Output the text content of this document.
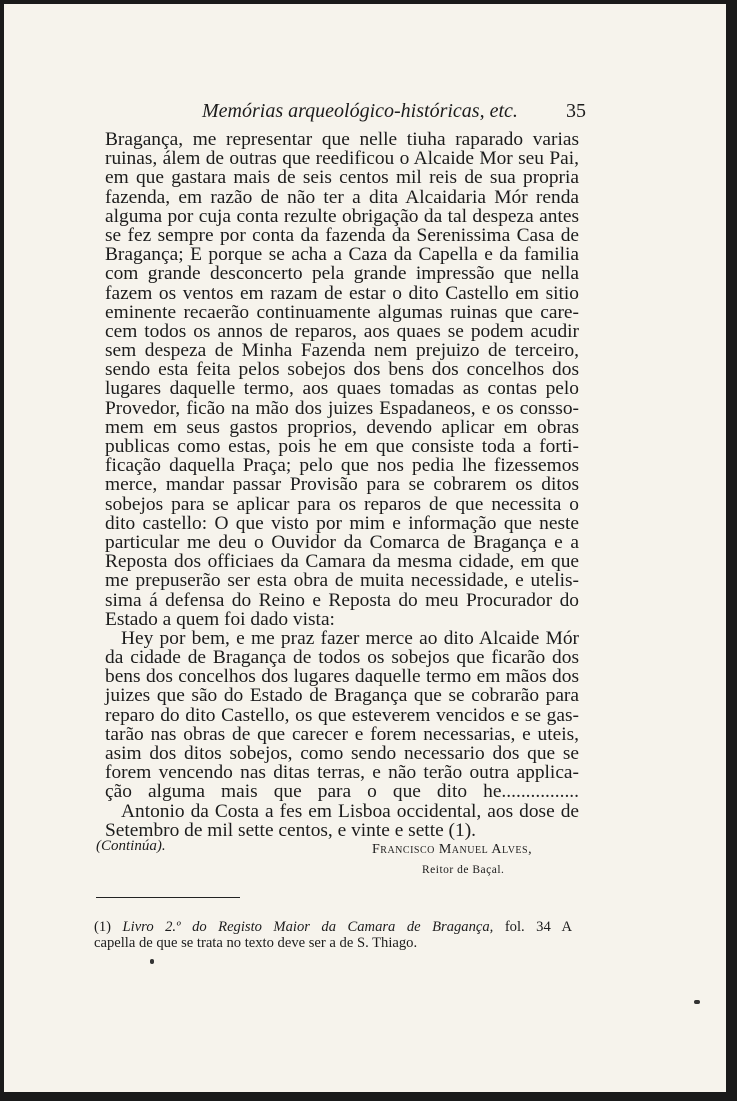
Memórias arqueológico-históricas, etc. 35
Bragança, me representar que nelle tiuha raparado varias
ruinas, álem de outras que reedificou o Alcaide Mor seu Pai,
em que gastara mais de seis centos mil reis de sua propria
fazenda, em razão de não ter a dita Alcaidaria Mór renda
alguma por cuja conta rezulte obrigação da tal despeza antes
se fez sempre por conta da fazenda da Serenissima Casa de
Bragança; E porque se acha a Caza da Capella e da familia
com grande desconcerto pela grande impressão que nella
fazem os ventos em razam de estar o dito Castello em sitio
eminente recaerão continuamente algumas ruinas que care-
cem todos os annos de reparos, aos quaes se podem acudir
sem despeza de Minha Fazenda nem prejuizo de terceiro,
sendo esta feita pelos sobejos dos bens dos concelhos dos
lugares daquelle termo, aos quaes tomadas as contas pelo
Provedor, ficão na mão dos juizes Espadaneos, e os consso-
mem em seus gastos proprios, devendo aplicar em obras
publicas como estas, pois he em que consiste toda a forti-
ficação daquella Praça; pelo que nos pedia lhe fizessemos
merce, mandar passar Provisão para se cobrarem os ditos
sobejos para se aplicar para os reparos de que necessita o
dito castello: O que visto por mim e informação que neste
particular me deu o Ouvidor da Comarca de Bragança e a
Reposta dos officiaes da Camara da mesma cidade, em que
me prepuserão ser esta obra de muita necessidade, e utelis-
sima á defensa do Reino e Reposta do meu Procurador do
Estado a quem foi dado vista:
Hey por bem, e me praz fazer merce ao dito Alcaide Mór
da cidade de Bragança de todos os sobejos que ficarão dos
bens dos concelhos dos lugares daquelle termo em mãos dos
juizes que são do Estado de Bragança que se cobrarão para
reparo do dito Castello, os que esteverem vencidos e se gas-
tarão nas obras de que carecer e forem necessarias, e uteis,
asim dos ditos sobejos, como sendo necessario dos que se
forem vencendo nas ditas terras, e não terão outra applica-
ção alguma mais que para o que dito he................
Antonio da Costa a fes em Lisboa occidental, aos dose de
Setembro de mil sette centos, e vinte e sette (1).
(Continúa).	Francisco Manuel Alves,
Reitor de Baçal.
(1) Livro 2.º do Registo Maior da Camara de Bragança, fol. 34 A
capella de que se trata no texto deve ser a de S. Thiago.
